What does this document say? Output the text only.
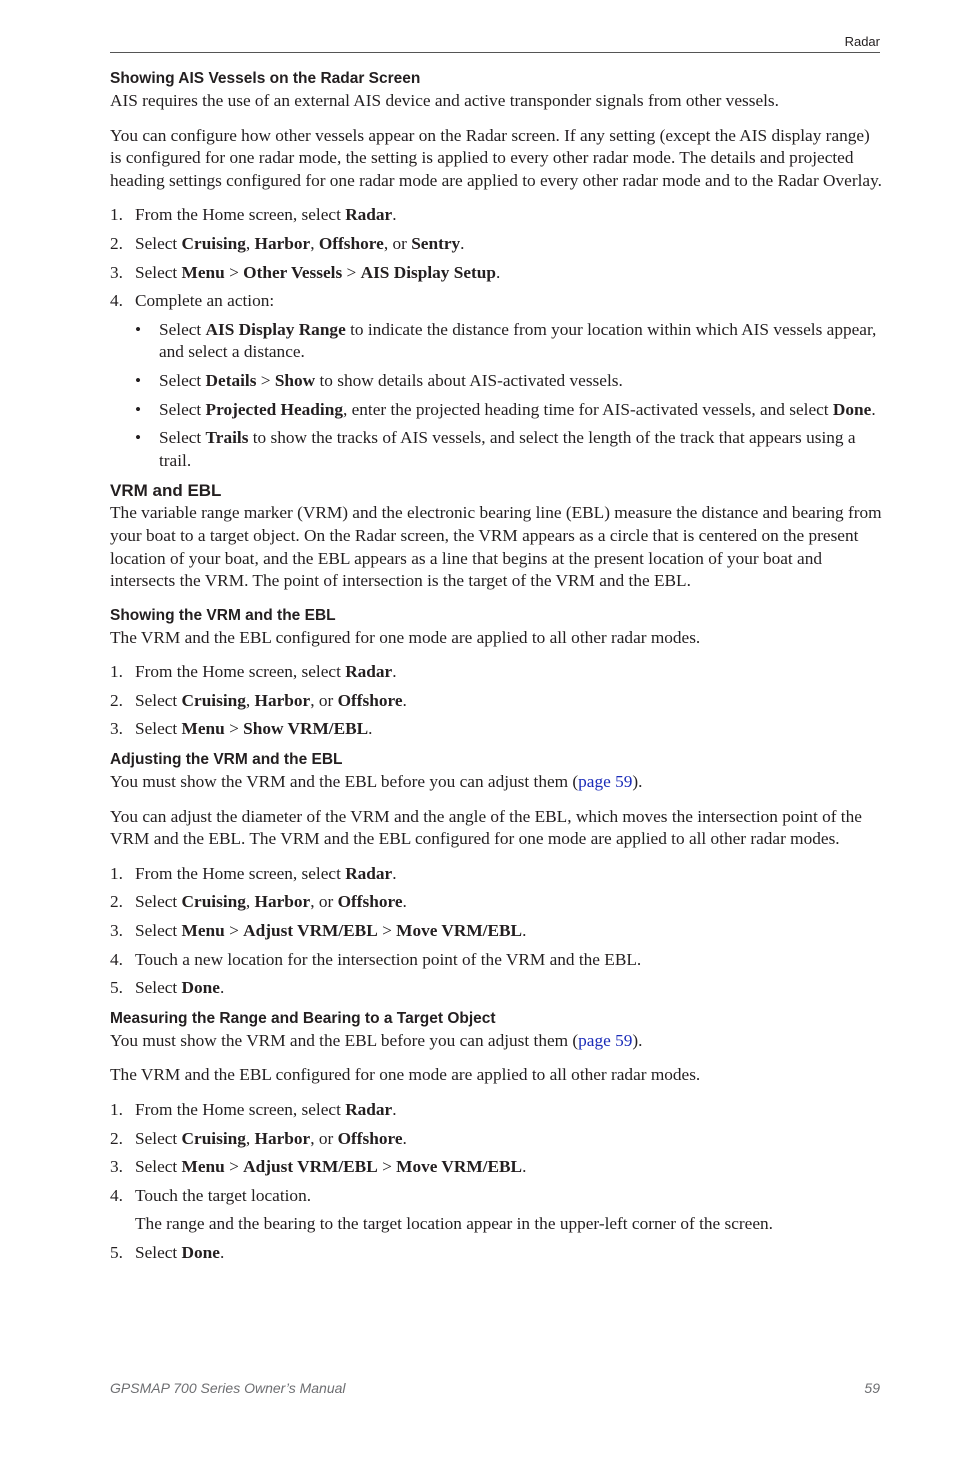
Radar
Showing AIS Vessels on the Radar Screen

AIS requires the use of an external AIS device and active transponder signals from other vessels.

You can configure how other vessels appear on the Radar screen. If any setting (except the AIS display range) is configured for one radar mode, the setting is applied to every other radar mode. The details and projected heading settings configured for one radar mode are applied to every other radar mode and to the Radar Overlay.

1. From the Home screen, select Radar.
2. Select Cruising, Harbor, Offshore, or Sentry.
3. Select Menu > Other Vessels > AIS Display Setup.
4. Complete an action:
• Select AIS Display Range to indicate the distance from your location within which AIS vessels appear, and select a distance.
• Select Details > Show to show details about AIS-activated vessels.
• Select Projected Heading, enter the projected heading time for AIS-activated vessels, and select Done.
• Select Trails to show the tracks of AIS vessels, and select the length of the track that appears using a trail.
VRM and EBL

The variable range marker (VRM) and the electronic bearing line (EBL) measure the distance and bearing from your boat to a target object. On the Radar screen, the VRM appears as a circle that is centered on the present location of your boat, and the EBL appears as a line that begins at the present location of your boat and intersects the VRM. The point of intersection is the target of the VRM and the EBL.

Showing the VRM and the EBL

The VRM and the EBL configured for one mode are applied to all other radar modes.

1. From the Home screen, select Radar.
2. Select Cruising, Harbor, or Offshore.
3. Select Menu > Show VRM/EBL.
Adjusting the VRM and the EBL

You must show the VRM and the EBL before you can adjust them (page 59).

You can adjust the diameter of the VRM and the angle of the EBL, which moves the intersection point of the VRM and the EBL. The VRM and the EBL configured for one mode are applied to all other radar modes.

1. From the Home screen, select Radar.
2. Select Cruising, Harbor, or Offshore.
3. Select Menu > Adjust VRM/EBL > Move VRM/EBL.
4. Touch a new location for the intersection point of the VRM and the EBL.
5. Select Done.
Measuring the Range and Bearing to a Target Object

You must show the VRM and the EBL before you can adjust them (page 59).

The VRM and the EBL configured for one mode are applied to all other radar modes.

1. From the Home screen, select Radar.
2. Select Cruising, Harbor, or Offshore.
3. Select Menu > Adjust VRM/EBL > Move VRM/EBL.
4. Touch the target location.
The range and the bearing to the target location appear in the upper-left corner of the screen.
5. Select Done.
GPSMAP 700 Series Owner’s Manual	59
